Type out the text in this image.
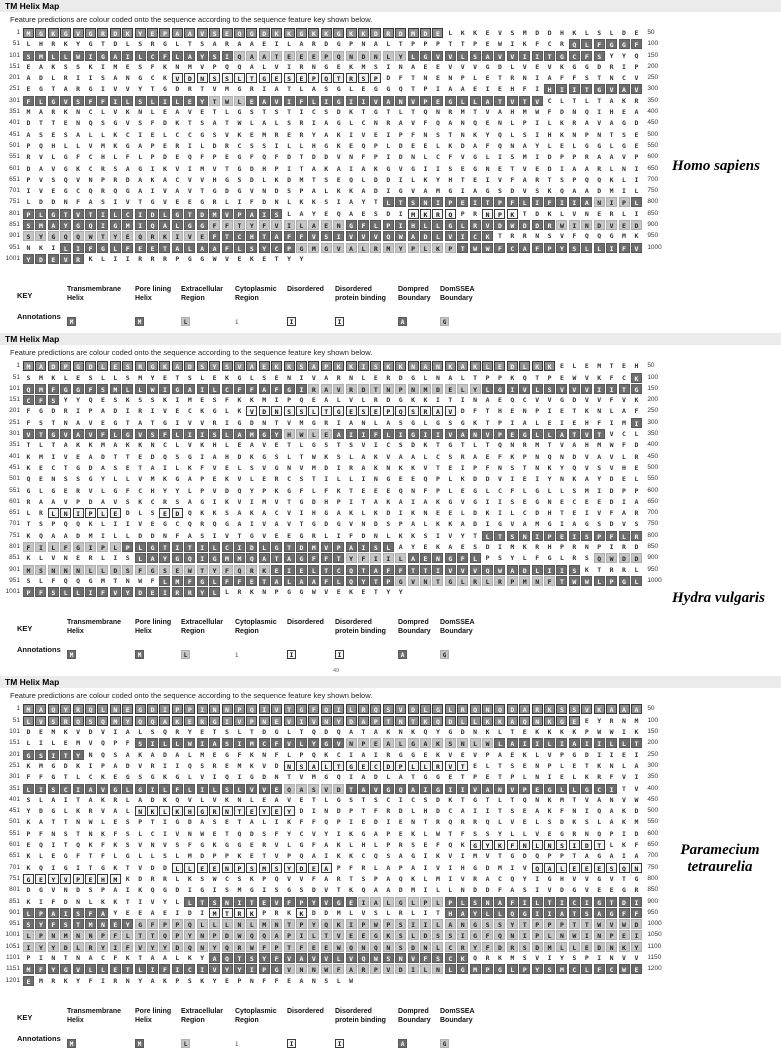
TM Helix Map
Feature predictions are colour coded onto the sequence according to the sequence feature key shown below.
1 M G K G V G R D K Y E P A A V S E Q G D K K G K K G K K D R D M D E L K K E V S M D D H K L S L D E 50
51 L H R K Y G T D L S R G L T S A R A A E I L A R D G P N A L T P P P T T P E W I K F C R Q L F G G F 100
101 S M L L W I G A I L C F L A Y S I Q A A T E E E P Q N D N L Y L G V V L S A V V I I T G C F S Y Y Q 150
151 E A K S S K I M E S F K N M V P Q Q A L V I R N G E K M S I N A E E V V V G D L V E V K G G D R I P 200
201 A D L R I I S A N G C K V D N S S L T G E S E P Q T R S P D F T N E N P L E T R N I A F F S T N C V 250
251 E G T A R G I V V Y T G D R T V M G R I A T L A S G L E G G Q T P I A A E I E H F I H I I T G V A V 300
301 F L G V S F F I L S L I L E Y T W L E A V I F L I G I I V A N V P E G L L A T V T V C L T L T A K R 350
351 M A R K N C L V K N L E A V E T L G S T S T I C S D K T G T L T Q N R M T V A H M W F D N Q I H E A 400
401 D T T E N Q S G V S F D K T S A T W L A L S R I A G L C N R A V F Q A N Q E N L P I L K R A V A G D 450
451 A S E S A L L K C I E L C C G S V K E M R E R Y A K I V E I P F N S T N K Y Q L S I H K N P N T S E 500
501 P Q H L L V M K G A P E R I L D R C S S I L L H G K E Q P L D E E L K D A F Q N A Y L E L G G L G E 550
551 R V L G F C H L F L P D E Q F P E G F Q F D T D D V N F P I D N L C F V G L I S M I D P P R A A V P 600
601 D A V G K C R S A G I K V I M V T G D H P I T A K A I A K G V G I I S E G N E T V E D I A A R L N I 650
651 P V S Q V N P R D A K A C V V H G S D L K D M T S E Q L D D I L K Y H T E I V F A R T S P Q Q K L I 700
701 I V E G C Q R Q G A I V A V T G D G V N D S P A L K K A D I G V A M G I A G S D V S K Q A A D M I L 750
751 L D D N F A S I V T G V E E G R L I F D N L K K S I A Y T L T S N I P E I T P F L I F I I A N I P L 800
801 P L G T V T I L C I D L G T D M V P A I S L A Y E Q A E S D I M K R Q P R N P K T D K L V N E R L I 850
851 S M A Y G Q I G M I Q A L G G F F T Y F V I L A E N G F L P I H L L G L R V D W D D R W I N D V E D 900
901 S Y G Q Q W T Y E Q R K I V E F T C H T A F F V S I V V V Q W A D L V I C K T R R N S V F Q Q G M K 950
951 N K I L I F G L F E E T A L A A F L S Y C P G M G V A L R M Y P L K P T W W F C A F P Y S L L I F V 1000
1001 Y D E V R K L I I R R R P G G W V E K E T Y Y
KEY
Annotations
Transmembrane
Helix
M
Pore lining
Helix
M
Extracellular
Region
L
Cytoplasmic
Region
i
Disordered
I
Disordered
protein binding
I
Dompred
Boundary
A
DomSSEA
Boundary
G
TM Helix Map
Feature predictions are colour coded onto the sequence according to the sequence feature key shown below.
1 M A D P G D L E S R G K A D S Y S V A E K K S A P K K I S K K N A N K A K L E D L K K E L E M T E H 50
51 S M K L E S L L S M Y E T S L E K G L S E N I V A R N L E R D G L N A L T P P K Q T P E W V K F C K 100
101 Q M F G G F S M L L W I G A I L C F F A F G I R A V R D T N P N M D E L Y L G I V L S V V V I I T G 150
151 C F S Y Y Q E S K S S K I M E S F K K M I P Q E A L V L R D G K K I T I N A E Q C V V G D V V F V K 200
201 F G D R I P A D I R I V E C K G L K V D N S S L T G E S E P Q S R A V D F T H E N P I E T K N L A F 250
251 F S T N A V E G T A T G I V V R I G D N T V M G R I A N L A S G L G S G K T P I A L E I E H F I M I 300
301 V T G V A V F L G V S F L I I S L A M G Y H W L E A I I F L I G I I V A N V P E G L L A T V T V C L 350
351 T L T A K K M A K K N C L V K H L E A V E T L G S T S V I C S D K T G T L T Q N R M T V A H M W F D 400
401 K M I V E A D T T E D Q S G I A H D K G S L T W K S L A K V A A L C S R A E F K P N Q N D V A V L R 450
451 K E C T G D A S E T A I L K F V E L S V G N V M D I R A K N K K V T E I P F N S T N K Y Q V S V H E 500
501 Q E N S S G Y L L V M K G A P E K V L E R C S T I L L I N G E E Q P L K D D V I E I Y N K A Y D E L 550
551 G L G E R V L G F C H Y Y L P V D Q Y P K G F L F K T E E E Q N F P L E G L C F L G L L S M I D P P 600
601 R A A V P D A V S K C R S A G I K V I M V T G D H P I T A K A I A K G V G I I S E G N E C E E D I A 650
651 L R L N I P L E D L S E D Q K K S A K A C V I H G A K L K D I K N E E L D K I L C D H T E I V F A R 700
701 T S P Q Q K L I I V E G C Q R Q G A I V A V T G D G V N D S P A L K K A D I G V A M G I A G S D V S 750
751 K Q A A D M I L L D D N F A S I V T G V E E G R L I F D N L K K S I V Y T L T S N I P E I S P F L R 800
801 F I L F G I P L P L G T I T I L C I D L G T D M V P A I S L A Y E K A E S D I M K R H P R N P I R D 850
851 K L V N E R L I S L A Y G Q I G M M Q A T A G F F T Y F I I L A E N G F L P S Y L F G L R S Q W D D 900
901 M S N N N L L D S F G S E W T Y F Q R K E I E L T C Q T A F F T T I V V V Q W A D L I I S K T R R L 950
951 S L F Q Q G M T N W F L M F G L F F E T A L A A F L Q Y T P G V N T G L R L R P M N F T W W L P G L 1000
1001 P F S L L I F V Y D E I R R Y L L R K N P G G W V E K E T Y Y
KEY
Annotations
Transmembrane
Helix
M
Pore lining
Helix
M
Extracellular
Region
L
Cytoplasmic
Region
i
Disordered
I
Disordered
protein binding
I
Dompred
Boundary
A
DomSSEA
Boundary
G
49
TM Helix Map
Feature predictions are colour coded onto the sequence according to the sequence feature key shown below.
1 M A Q Y R Q L N E G D I P P I N N P Q I V T G F Q I L R Q S V D L G L R Q N Q D A R K S S V K A A A 50
51 L V S R Q S Q M Y Q Q A K E R G I V P N E V I V N Y D A P T N T K Q D L L K K A Q N K G E E Y R N M 100
101 D E M K V D V I A L S Q R Y E T S L T D G L T Q D Q A T A K N K Q Y G D N K L T E K K K K P W W I K 150
151 L I L E M V Q P F S I L L W I A S I M C F V L Y G V N P E A L G A K S N L W L A I I L I A I I L L T 200
201 G S I T Y N Q S A K A D A L M E G F K N F L P Q K C I A I R G G E K V E V P A E K L V P G D I I E I 250
251 K M G D K I P A D V R I I Q S R E M K V D N S A L T G E C D P L L R V T E L T S E N P L E T K N L A 300
301 F F G T L C K E G S G K G L V I Q I G D N T V M G Q I A D L A T G G E T P E T P L N I E L K R F V I 350
351 L I S C I A V G L G I L F L I L S L V V E Q A S V D T A V G Q A I G I I V A N V P E G L L G C I T V 400
401 S L A I T A K R L A D K Q V L V K N L E A V E T L G S T S C I C S D K T G T L T Q N K M T V A N V W 450
451 Y D G L K R V A L N K L K H G R N T E Y E Y D I N D P T F R D L H D C A I I T S E A K F N I Q A K D 500
501 K A T T N W L E S P T I G D A S E T A L I K F F Q P I E D I E N T R Q R R Q L V E L S D K S L A K M 550
551 P F N S T N K F S L C I V N W E T Q D S F Y C V Y I K G A P E K L W T F S S Y L L V E G R N Q P I D 600
601 E Q I T Q K F K S V N V S F G K G G E R V L G F A K L H L P R S E F Q K G Y K F N L N S I D T L K F 650
651 K L E G F T F L G L L S L M D P P K E T V P Q A I K K C Q S A G I K V I M V T G D Q P P T A G A I A 700
701 K Q I G I T G K T V D D L L E E N P S M S Y D E A P F R L A P A I V I H G D M I V Q A L E E E S Q N 750
751 G E Y V P E H M K D R R L K S W C S K P Q V V F A R T S P A Q K L M I V R A C Q Y I G H V V G V T G 800
801 D G V N D S P A I K Q G D I G I S M G I S G S D V T K Q A A D M I L L N D D F A S I V D G V E E G R 850
851 K I F D N L K K T I V Y L L T S N I T E V F P Y V G E I A L G L P L P L S N A F I L T I C I G T D I 900
901 L P A I S F A Y E E A E I D I M T R K P R K K D D M L V S L R L I T H A Y L L Q G I I A T S A G F F 950
951 S Y F S T M N E Y G F P P Q L L L N L M N T P Y Q K I P W P S I I L A N G S S Y T P P P T T W V W D 1000
1001 L P N M N N P F L T T Q P Y N P D W Q Q A P I L T V E E G K S L D S S I G F Q N I P L N W I N P E I 1050
1051 I Y Y D L R Y I F V Y Y D Q N Y Q R W F P T F E E W Q N Q N S D N L C R Y F D R S D M L L E D N K Y 1100
1101 P I N T N A C F K T A A L K Y A Q T S Y F V A V V L V Q W S N V F S C K Q R K M S V I Y S P I N V V 1150
1151 M F Y G V L L E T L I F I C I V Y Y I P G V N N W F A R P V D I L N L G M P G L P Y S M C L F C W E 1200
1201 E M R K Y F I R N Y A K P S K Y E P N F F E A N S L W
KEY
Annotations
Transmembrane
Helix
M
Pore lining
Helix
M
Extracellular
Region
L
Cytoplasmic
Region
i
Disordered
I
Disordered
protein binding
I
Dompred
Boundary
A
DomSSEA
Boundary
G
Homo sapiens
Hydra vulgaris
Paramecium
tetraurelia
